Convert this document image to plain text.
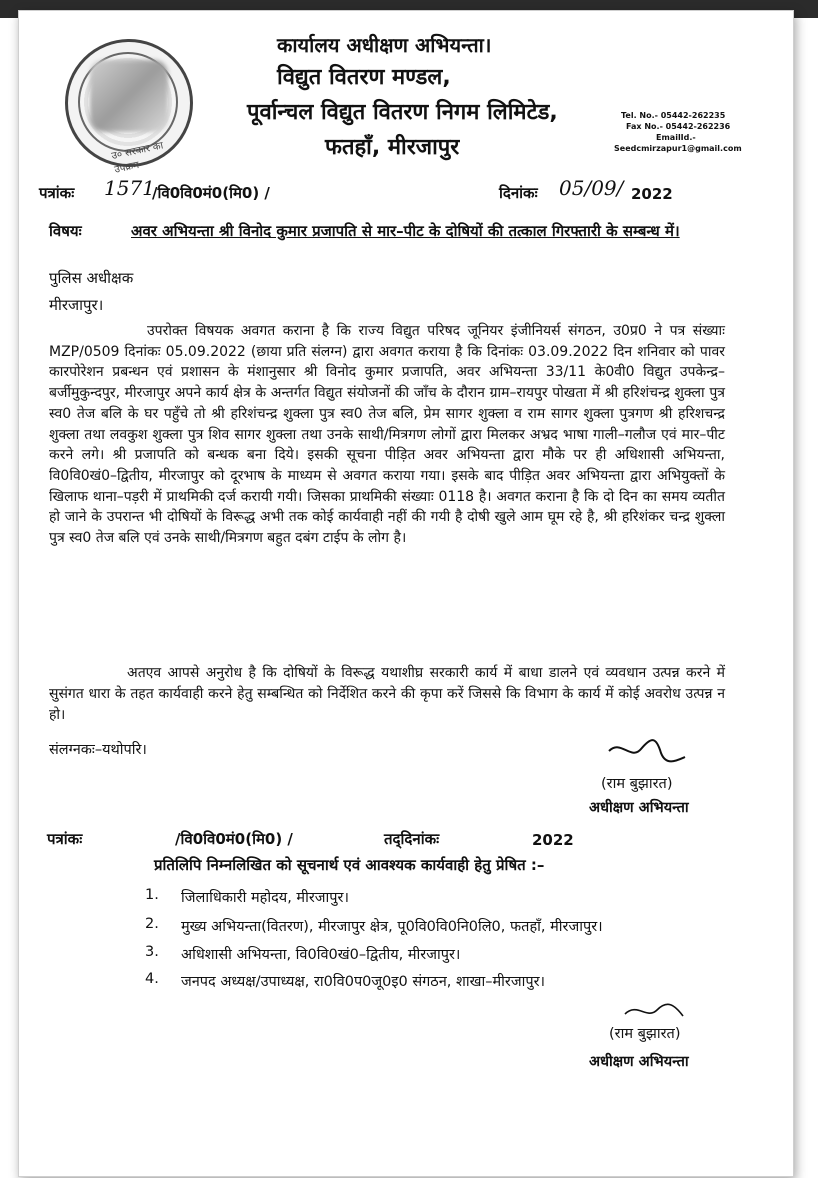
उ० सरकार का उपक्रम
कार्यालय अधीक्षण अभियन्ता।
विद्युत वितरण मण्डल,
पूर्वान्चल विद्युत वितरण निगम लिमिटेड,
फतहाँ, मीरजापुर
Tel. No.- 05442-262235
Fax No.- 05442-262236
EmailId.-
Seedcmirzapur1@gmail.com
पत्रांकः 1571
/वि0वि0मं0(मि0) /	दिनांकः 05/09/ 2022
विषयः	अवर अभियन्ता श्री विनोद कुमार प्रजापति से मार–पीट के दोषियों की तत्काल गिरफ्तारी के सम्बन्ध में।
पुलिस अधीक्षक
मीरजापुर।
उपरोक्त विषयक अवगत कराना है कि राज्य विद्युत परिषद जूनियर इंजीनियर्स संगठन, उ0प्र0 ने पत्र संख्याः MZP/0509 दिनांकः 05.09.2022 (छाया प्रति संलग्न) द्वारा अवगत कराया है कि दिनांकः 03.09.2022 दिन शनिवार को पावर कारपोरेशन प्रबन्धन एवं प्रशासन के मंशानुसार श्री विनोद कुमार प्रजापति, अवर अभियन्ता 33/11 के0वी0 विद्युत उपकेन्द्र–बर्जीमुकुन्दपुर, मीरजापुर अपने कार्य क्षेत्र के अन्तर्गत विद्युत संयोजनों की जाँच के दौरान ग्राम–रायपुर पोखता में श्री हरिशंचन्द्र शुक्ला पुत्र स्व0 तेज बलि के घर पहुँचे तो श्री हरिशंचन्द्र शुक्ला पुत्र स्व0 तेज बलि, प्रेम सागर शुक्ला व राम सागर शुक्ला पुत्रगण श्री हरिशचन्द्र शुक्ला तथा लवकुश शुक्ला पुत्र शिव सागर शुक्ला तथा उनके साथी/मित्रगण लोगों द्वारा मिलकर अभ्रद भाषा गाली–गलौज एवं मार–पीट करने लगे। श्री प्रजापति को बन्धक बना दिये। इसकी सूचना पीड़ित अवर अभियन्ता द्वारा मौके पर ही अधिशासी अभियन्ता, वि0वि0खं0–द्वितीय, मीरजापुर को दूरभाष के माध्यम से अवगत कराया गया। इसके बाद पीड़ित अवर अभियन्ता द्वारा अभियुक्तों के खिलाफ थाना–पड़री में प्राथमिकी दर्ज करायी गयी। जिसका प्राथमिकी संख्याः 0118 है। अवगत कराना है कि दो दिन का समय व्यतीत हो जाने के उपरान्त भी दोषियों के विरूद्ध अभी तक कोई कार्यवाही नहीं की गयी है दोषी खुले आम घूम रहे है, श्री हरिशंकर चन्द्र शुक्ला पुत्र स्व0 तेज बलि एवं उनके साथी/मित्रगण बहुत दबंग टाईप के लोग है।
अतएव आपसे अनुरोध है कि दोषियों के विरूद्ध यथाशीघ्र सरकारी कार्य में बाधा डालने एवं व्यवधान उत्पन्न करने में सुसंगत धारा के तहत कार्यवाही करने हेतु सम्बन्धित को निर्देशित करने की कृपा करें जिससे कि विभाग के कार्य में कोई अवरोध उत्पन्न न हो।
संलग्नकः–यथोपरि।
(राम बुझारत)
अधीक्षण अभियन्ता
पत्रांकः	/वि0वि0मं0(मि0) /	तद्‌दिनांकः	2022
प्रतिलिपि निम्नलिखित को सूचनार्थ एवं आवश्यक कार्यवाही हेतु प्रेषित :–
1. जिलाधिकारी महोदय, मीरजापुर।
2. मुख्य अभियन्ता(वितरण), मीरजापुर क्षेत्र, पू0वि0वि0नि0लि0, फतहाँ, मीरजापुर।
3. अधिशासी अभियन्ता, वि0वि0खं0–द्वितीय, मीरजापुर।
4. जनपद अध्यक्ष/उपाध्यक्ष, रा0वि0प0जू0इ0 संगठन, शाखा–मीरजापुर।
(राम बुझारत)
अधीक्षण अभियन्ता
